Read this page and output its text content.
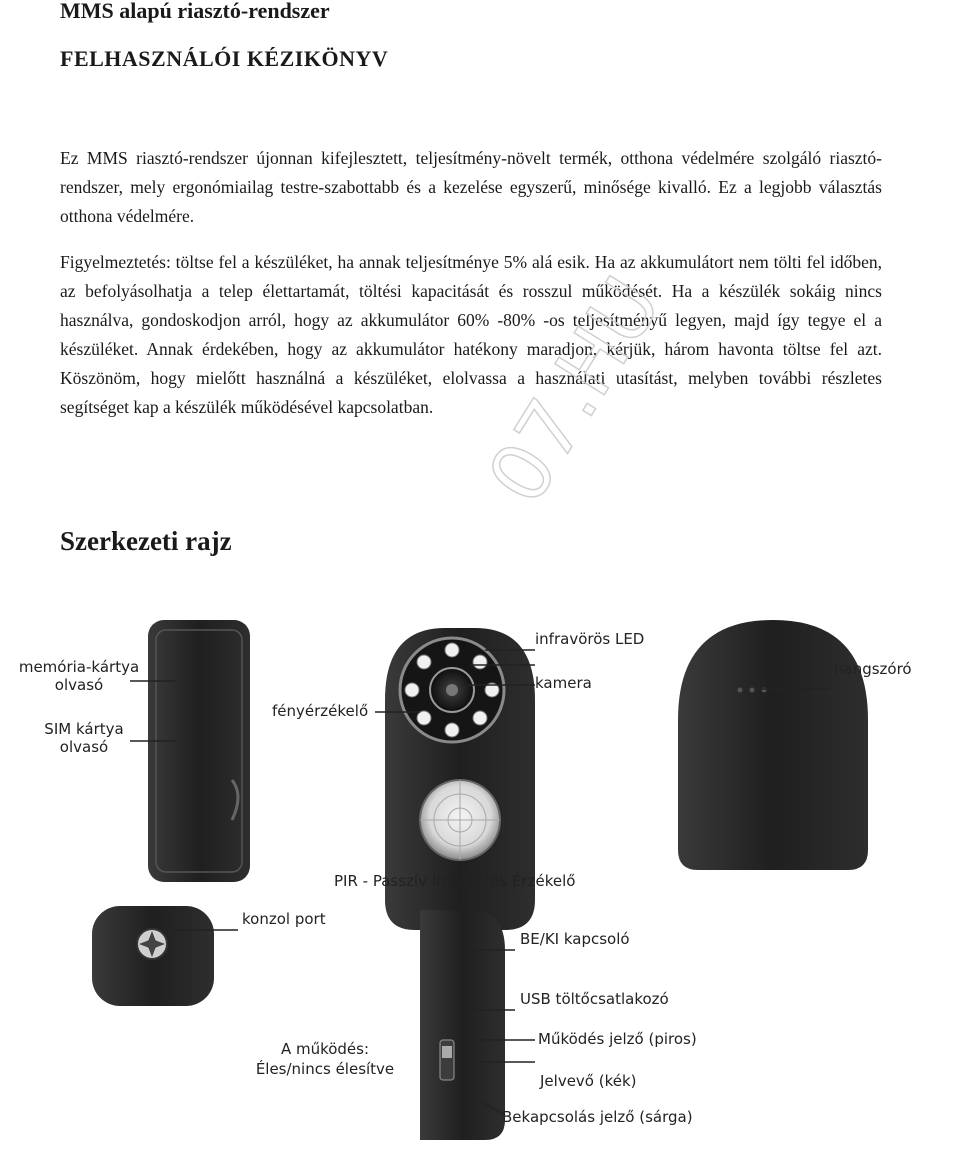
MMS alapú riasztó-rendszer
FELHASZNÁLÓI KÉZIKÖNYV

Ez MMS riasztó-rendszer újonnan kifejlesztett, teljesítmény-növelt termék, otthona védelmére szolgáló riasztó-rendszer, mely ergonómiailag testre-szabottabb és a kezelése egyszerű, minősége kivalló. Ez a legjobb választás otthona védelmére.

Figyelmeztetés: töltse fel a készüléket, ha annak teljesítménye 5% alá esik. Ha az akkumulátort nem tölti fel időben, az befolyásolhatja a telep élettartamát, töltési kapacitását és rosszul működését. Ha a készülék sokáig nincs használva, gondoskodjon arról, hogy az akkumulátor 60% -80% -os teljesítményű legyen, majd így tegye el a készüléket. Annak érdekében, hogy az akkumulátor hatékony maradjon, kérjük, három havonta töltse fel azt. Köszönöm, hogy mielőtt használná a készüléket, elolvassa a használati utasítást, melyben további részletes segítséget kap a készülék működésével kapcsolatban. 07.HU
Szerkezeti rajz
memória-kártya olvasó
SIM kártya olvasó
infravörös LED
kamera
fényérzékelő
hangszóró
PIR - Passzív Infravörös Érzékelő
konzol port
BE/KI kapcsoló
USB töltőcsatlakozó
Működés jelző (piros)
Jelvevő (kék)
Bekapcsolás jelző (sárga)
A működés:
Éles/nincs élesítve
